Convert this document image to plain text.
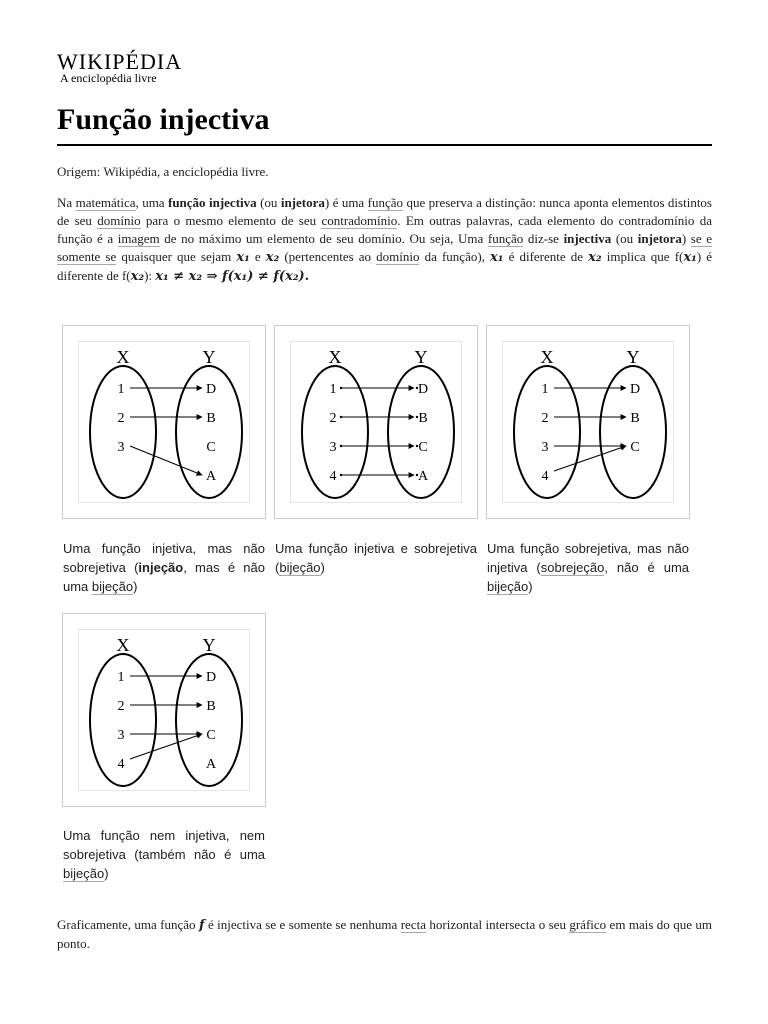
WIKIPÉDIA
A enciclopédia livre
Função injectiva
Origem: Wikipédia, a enciclopédia livre.

Na matemática, uma função injectiva (ou injetora) é uma função que preserva a distinção: nunca aponta elementos distintos de seu domínio para o mesmo elemento de seu contradomínio. Em outras palavras, cada elemento do contradomínio da função é a imagem de no máximo um elemento de seu domínio. Ou seja, Uma função diz-se injectiva (ou injetora) se e somente se quaisquer que sejam x₁ e x₂ (pertencentes ao domínio da função), x₁ é diferente de x₂ implica que f(x₁) é diferente de f(x₂): x₁ ≠ x₂ ⇒ f(x₁) ≠ f(x₂).

X	Y
1
2
3
D
B
C
A
X	Y
1
2
3
4
D
B
C
A
X	Y
1
2
3
4
D
B
C
X	Y
1
2
3
4
D
B
C
A

Uma função injetiva, mas não sobrejetiva (injeção, mas é não uma bijeção)

Uma função injetiva e sobrejetiva (bijeção)

Uma função sobrejetiva, mas não injetiva (sobrejeção, não é uma bijeção)

Uma função nem injetiva, nem sobrejetiva (também não é uma bijeção)

Graficamente, uma função f é injectiva se e somente se nenhuma recta horizontal intersecta o seu gráfico em mais do que um ponto.
